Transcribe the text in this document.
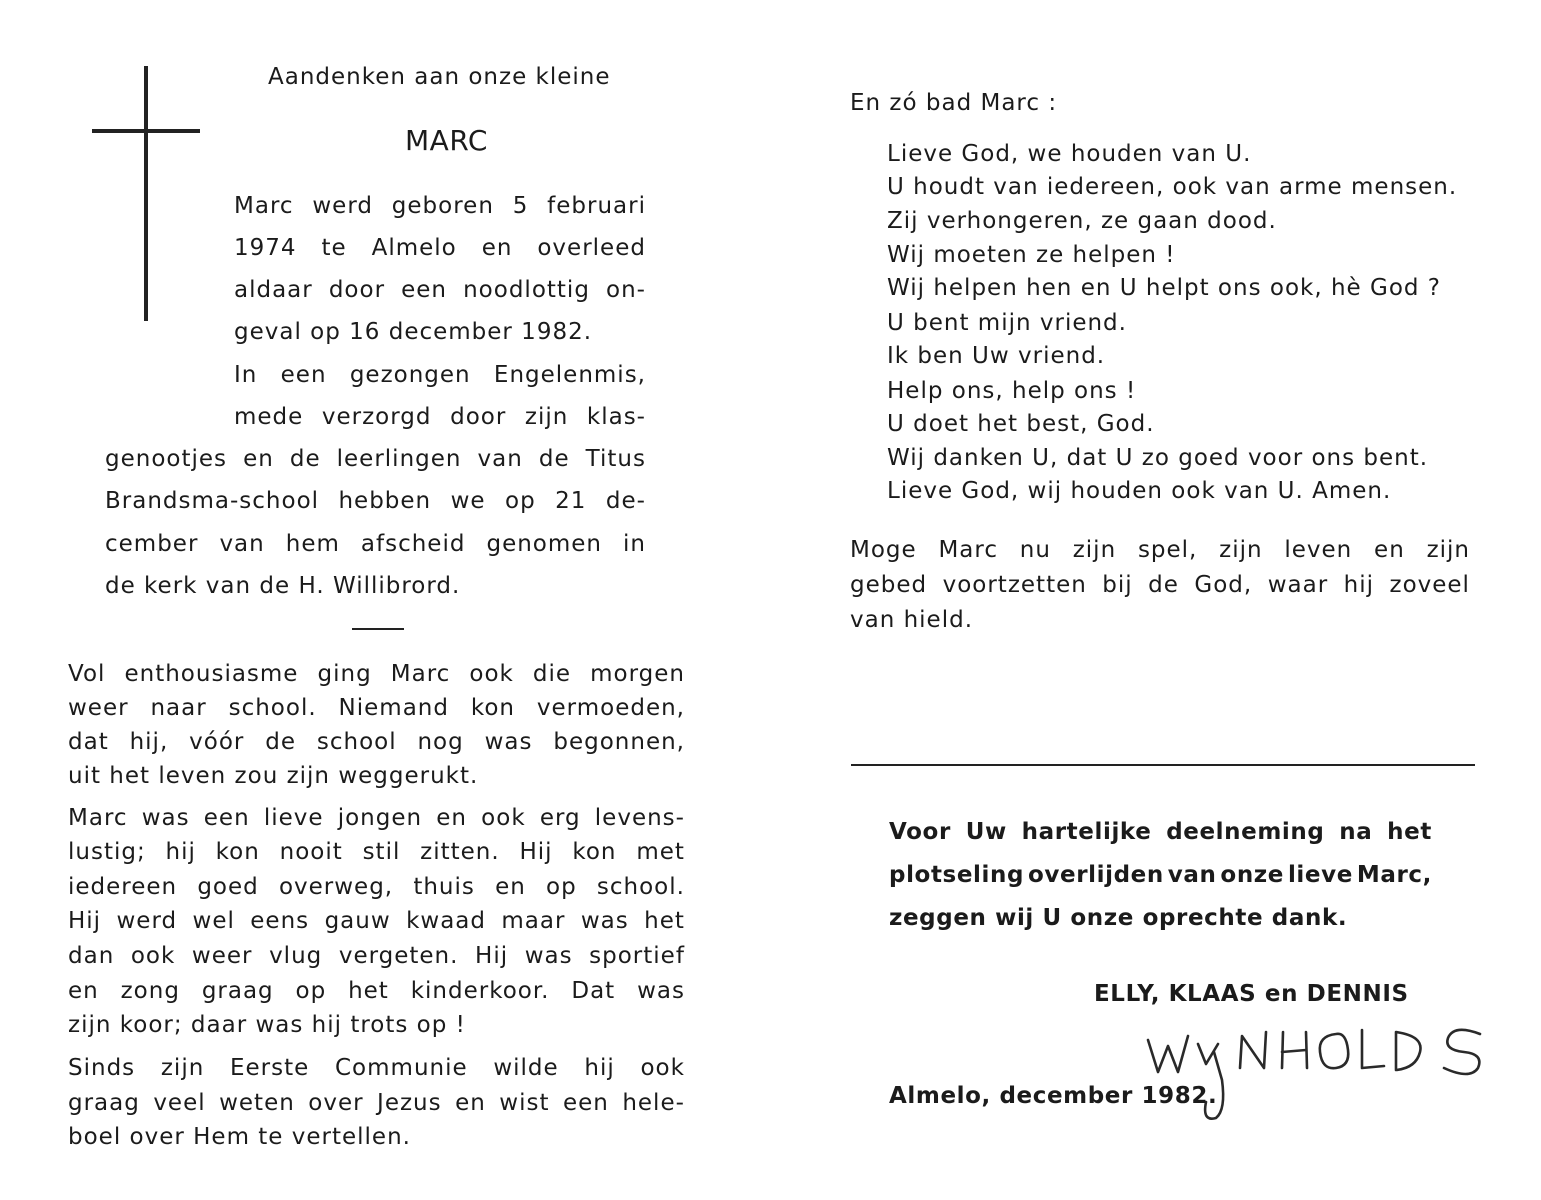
Aandenken aan onze kleine
MARC
Marc werd geboren 5 februari
1974 te Almelo en overleed
aldaar door een noodlottig on-
geval op 16 december 1982.
In een gezongen Engelenmis,
mede verzorgd door zijn klas-
genootjes en de leerlingen van de Titus
Brandsma-school hebben we op 21 de-
cember van hem afscheid genomen in
de kerk van de H. Willibrord.
Vol enthousiasme ging Marc ook die morgen
weer naar school. Niemand kon vermoeden,
dat hij, vóór de school nog was begonnen,
uit het leven zou zijn weggerukt.
Marc was een lieve jongen en ook erg levens-
lustig; hij kon nooit stil zitten. Hij kon met
iedereen goed overweg, thuis en op school.
Hij werd wel eens gauw kwaad maar was het
dan ook weer vlug vergeten. Hij was sportief
en zong graag op het kinderkoor. Dat was
zijn koor; daar was hij trots op !
Sinds zijn Eerste Communie wilde hij ook
graag veel weten over Jezus en wist een hele-
boel over Hem te vertellen.
En zó bad Marc :
Lieve God, we houden van U.
U houdt van iedereen, ook van arme mensen.
Zij verhongeren, ze gaan dood.
Wij moeten ze helpen !
Wij helpen hen en U helpt ons ook, hè God ?
U bent mijn vriend.
Ik ben Uw vriend.
Help ons, help ons !
U doet het best, God.
Wij danken U, dat U zo goed voor ons bent.
Lieve God, wij houden ook van U. Amen.
Moge Marc nu zijn spel, zijn leven en zijn
gebed voortzetten bij de God, waar hij zoveel
van hield.
Voor Uw hartelijke deelneming na het
plotseling overlijden van onze lieve Marc,
zeggen wij U onze oprechte dank.
ELLY, KLAAS en DENNIS
Almelo, december 1982.
